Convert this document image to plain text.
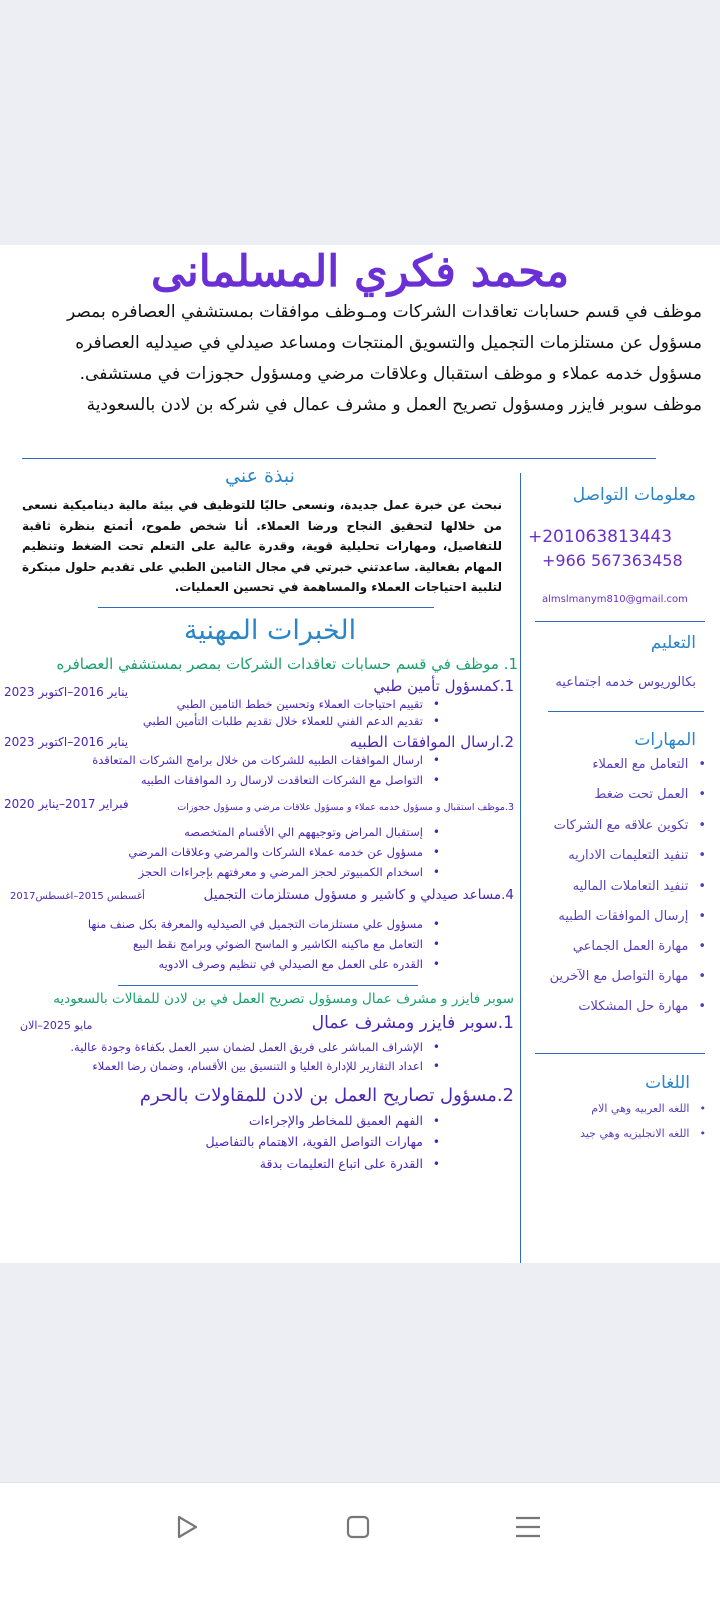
محمد فكري المسلمانى
موظف في قسم حسابات تعاقدات الشركات ومـوظف موافقات بمستشفي العصافره بمصر
مسؤول عن مستلزمات التجميل والتسويق المنتجات ومساعد صيدلي في صيدليه العصافره
مسؤول خدمه عملاء و موظف استقبال وعلاقات مرضي ومسؤول حجوزات في مستشفى.
موظف سوبر فايزر ومسؤول تصريح العمل و مشرف عمال في شركه بن لادن بالسعودية
نبذة عني
نبحث عن خبرة عمل جديدة، ونسعى حاليًا للتوظيف في بيئة مالية ديناميكية نسعى من خلالها لتحقيق النجاح ورضا العملاء. أنا شخص طموح، أتمتع بنظرة ثاقبة للتفاصيل، ومهارات تحليلية قوية، وقدرة عالية على التعلم تحت الضغط وتنظيم المهام بفعالية. ساعدتني خبرتي في مجال التامين الطبي على تقديم حلول مبتكرة لتلبية احتياجات العملاء والمساهمة في تحسين العمليات.
الخبرات المهنية
1. موظف في قسم حسابات تعاقدات الشركات بمصر بمستشفي العصافره
1.كمسؤول تأمين طبي
يناير 2016–اكتوبر 2023
• تقييم احتياجات العملاء وتحسين خطط التامين الطبي
• تقديم الدعم الفني للعملاء خلال تقديم طلبات التأمين الطبي
2.ارسال الموافقات الطبيه
يناير 2016–اكتوبر 2023
• ارسال الموافقات الطبيه للشركات من خلال برامج الشركات المتعاقدة
• التواصل مع الشركات التعاقدت لارسال رد الموافقات الطبيه
3.موظف استقبال و مسؤول خدمه عملاء و مسؤول علاقات مرضي و مسؤول حجوزات
فبراير 2017–يناير 2020
• إستقبال المراض وتوجيههم الي الأقسام المتخصصه
• مسؤول عن خدمه عملاء الشركات والمرضي وعلاقات المرضي
• اسخدام الكمبيوتر لحجز المرضي و معرفتهم بإجراءات الحجز
4.مساعد صيدلي و كاشير و مسؤول مستلزمات التجميل
أغسطس 2015–اغسطس2017
• مسؤول علي مستلزمات التجميل في الصيدليه والمعرفة بكل صنف منها
• التعامل مع ماكينه الكاشير و الماسح الضوئي وبرامج نقط البيع
• القدره على العمل مع الصيدلي في تنظيم وصرف الادويه
سوبر فايزر و مشرف عمال ومسؤول تصريح العمل في بن لادن للمقالات بالسعوديه
1.سوبر فايزر ومشرف عمال
مايو 2025–الان
• الإشراف المباشر على فريق العمل لضمان سير العمل بكفاءة وجودة عالية.
• اعداد التقارير للإدارة العليا و التنسيق بين الأقسام، وضمان رضا العملاء
2.مسؤول تصاريح العمل بن لادن للمقاولات بالحرم
• الفهم العميق للمخاطر والإجراءات
• مهارات التواصل القوية، الاهتمام بالتفاصيل
• القدرة على اتباع التعليمات بدقة
معلومات التواصل
+201063813443
+966 567363458
almslmanym810@gmail.com
التعليم
بكالوريوس خدمه اجتماعيه
المهارات
• التعامل مع العملاء
• العمل تحت ضغط
• تكوين علاقه مع الشركات
• تنفيد التعليمات الاداريه
• تنفيد التعاملات الماليه
• إرسال الموافقات الطبيه
• مهارة العمل الجماعي
• مهارة التواصل مع الآخرين
• مهارة حل المشكلات
اللغات
• اللغه العربيه وهي الام
• اللغه الانجليزيه وهي جيد
